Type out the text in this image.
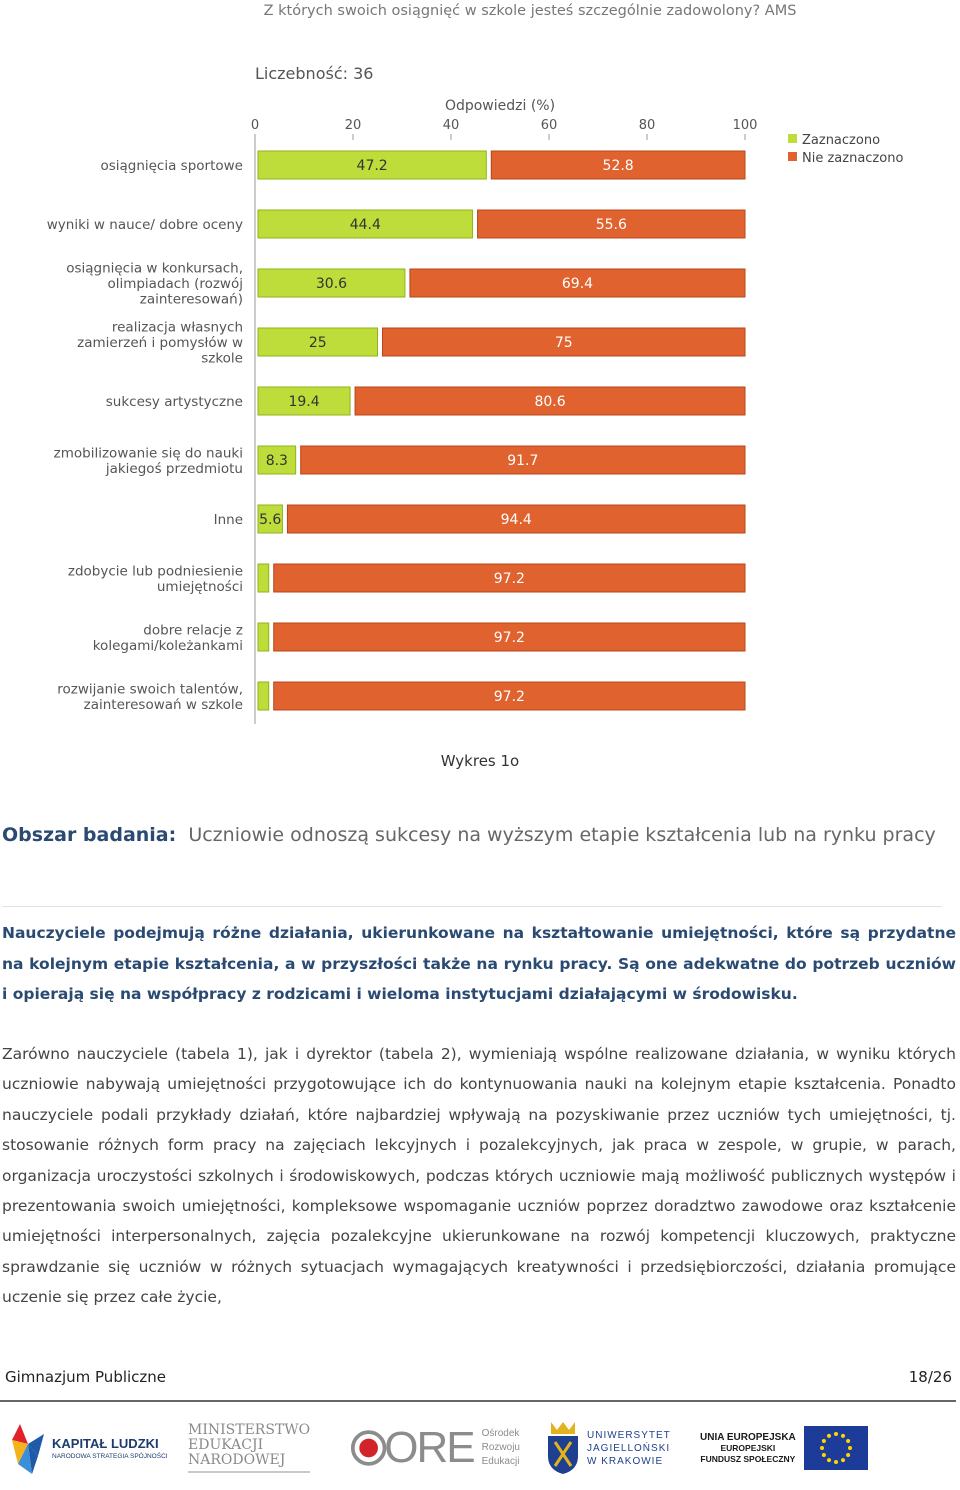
Z których swoich osiągnięć w szkole jesteś szczególnie zadowolony? AMS
Liczebność: 36
Odpowiedzi (%)
0	20	40	60	80	100
osiągnięcia sportowe
wyniki w nauce/ dobre oceny
osiągnięcia w konkursach, olimpiadach (rozwój zainteresowań)
realizacja własnych zamierzeń i pomysłów w szkole
sukcesy artystyczne
zmobilizowanie się do nauki jakiegoś przedmiotu
Inne
zdobycie lub podniesienie umiejętności
dobre relacje z kolegami/koleżankami
rozwijanie swoich talentów, zainteresowań w szkole
47.2	52.8
44.4	55.6
30.6	69.4
25	75
19.4	80.6
8.3	91.7
5.6	94.4
97.2
97.2
97.2
Zaznaczono
Nie zaznaczono
Wykres 1o
Obszar badania: Uczniowie odnoszą sukcesy na wyższym etapie kształcenia lub na rynku pracy
Nauczyciele podejmują różne działania, ukierunkowane na kształtowanie umiejętności, które są przydatne na kolejnym etapie kształcenia, a w przyszłości także na rynku pracy. Są one adekwatne do potrzeb uczniów i opierają się na współpracy z rodzicami i wieloma instytucjami działającymi w środowisku.
Zarówno nauczyciele (tabela 1), jak i dyrektor (tabela 2), wymieniają wspólne realizowane działania, w wyniku których uczniowie nabywają umiejętności przygotowujące ich do kontynuowania nauki na kolejnym etapie kształcenia. Ponadto nauczyciele podali przykłady działań, które najbardziej wpływają na pozyskiwanie przez uczniów tych umiejętności, tj. stosowanie różnych form pracy na zajęciach lekcyjnych i pozalekcyjnych, jak praca w zespole, w grupie, w parach, organizacja uroczystości szkolnych i środowiskowych, podczas których uczniowie mają możliwość publicznych występów i prezentowania swoich umiejętności, kompleksowe wspomaganie uczniów poprzez doradztwo zawodowe oraz kształcenie umiejętności interpersonalnych, zajęcia pozalekcyjne ukierunkowane na rozwój kompetencji kluczowych, praktyczne sprawdzanie się uczniów w różnych sytuacjach wymagających kreatywności i przedsiębiorczości, działania promujące uczenie się przez całe życie,
Gimnazjum Publiczne	18/26
KAPITAŁ LUDZKI
NARODOWA STRATEGIA SPÓJNOŚCI
MINISTERSTWO
EDUKACJI
NARODOWEJ	ORE Ośrodek
Rozwoju
Edukacji
UNIWERSYTET
JAGIELLOŃSKI
W KRAKOWIE
UNIA EUROPEJSKA
EUROPEJSKI
FUNDUSZ SPOŁECZNY
